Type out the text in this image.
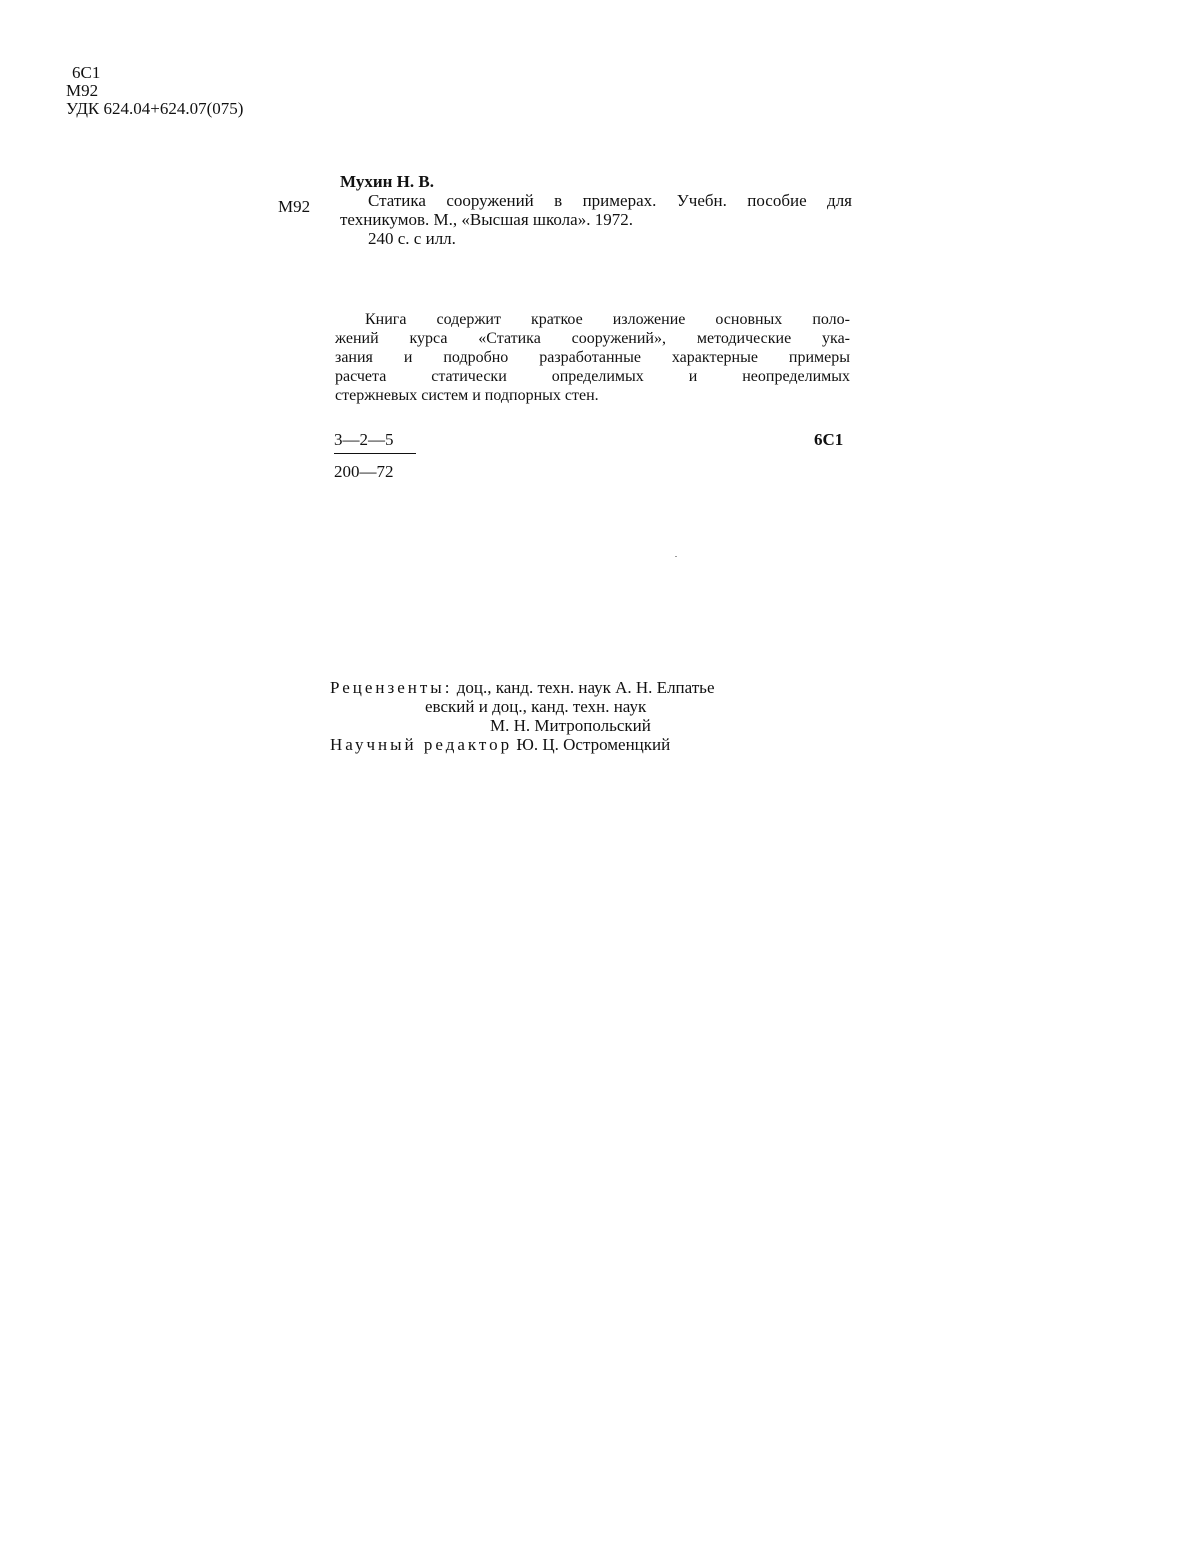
6С1
М92
УДК 624.04+624.07(075)
М92
Мухин Н. В.
Статика сооружений в примерах. Учебн. пособие для
техникумов. М., «Высшая школа». 1972.
240 с. с илл.
Книга содержит краткое изложение основных поло-
жений курса «Статика сооружений», методические ука-
зания и подробно разработанные характерные примеры
расчета статически определимых и неопределимых
стержневых систем и подпорных стен.
$\frac{3—2—5}{200—72}$	6С1
Рецензенты: доц., канд. техн. наук А. Н. Елпатье
евский и доц., канд. техн. наук
М. Н. Митропольский
Научный редактор Ю. Ц. Остроменцкий
